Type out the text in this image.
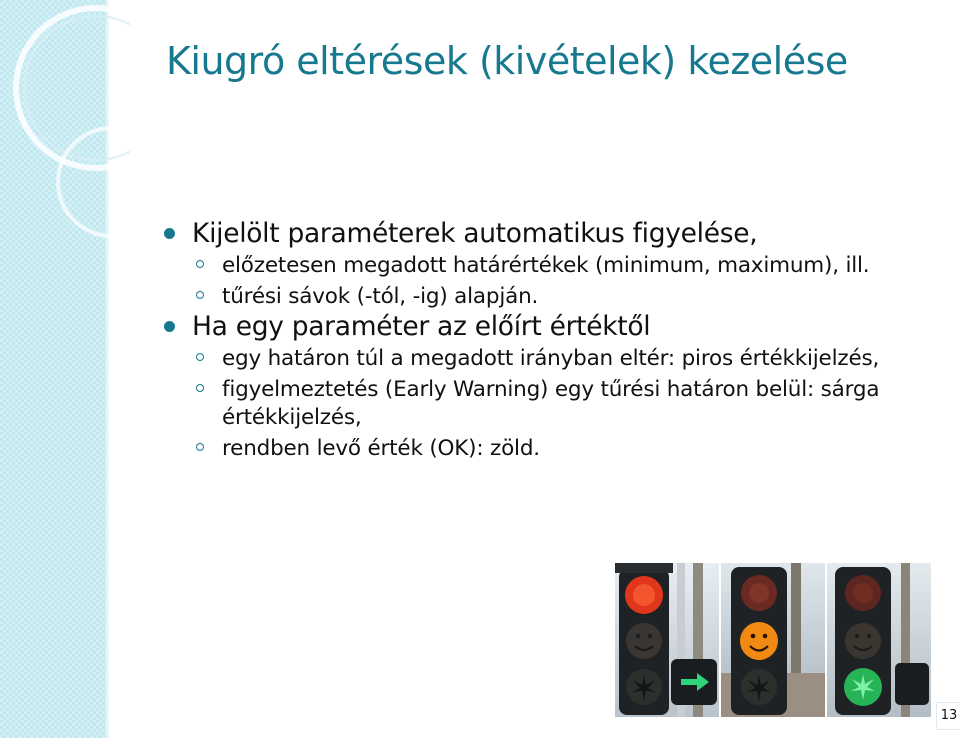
Kiugró eltérések (kivételek) kezelése
Kijelölt paraméterek automatikus figyelése,
előzetesen megadott határértékek (minimum, maximum), ill.
tűrési sávok (-tól, -ig) alapján.
Ha egy paraméter az előírt értéktől
egy határon túl a megadott irányban eltér: piros értékkijelzés,
figyelmeztetés (Early Warning) egy tűrési határon belül: sárga értékkijelzés,
rendben levő érték (OK): zöld.
13
